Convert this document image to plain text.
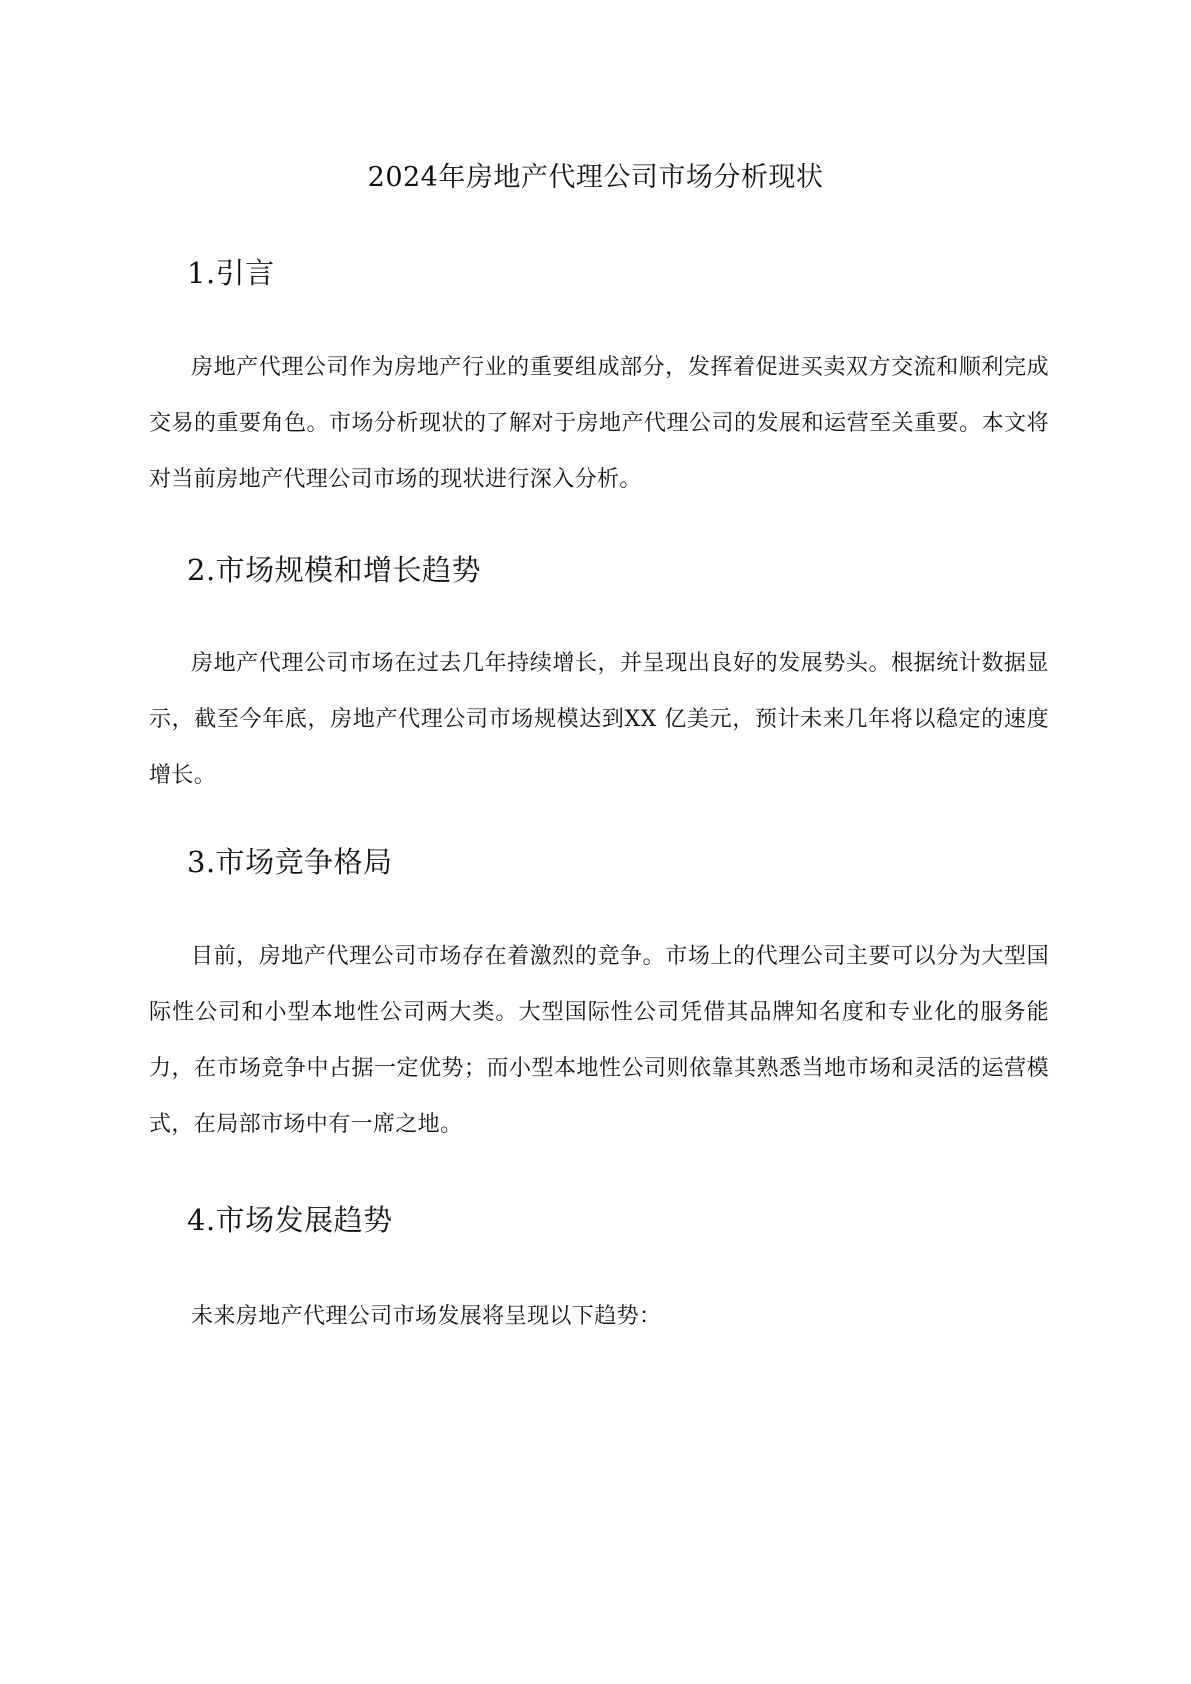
2024年房地产代理公司市场分析现状
1.引言

房地产代理公司作为房地产行业的重要组成部分，发挥着促进买卖双方交流和顺利完成交易的重要角色。市场分析现状的了解对于房地产代理公司的发展和运营至关重要。本文将对当前房地产代理公司市场的现状进行深入分析。

2.市场规模和增长趋势

房地产代理公司市场在过去几年持续增长，并呈现出良好的发展势头。根据统计数据显示，截至今年底，房地产代理公司市场规模达到XX 亿美元，预计未来几年将以稳定的速度增长。

3.市场竞争格局

目前，房地产代理公司市场存在着激烈的竞争。市场上的代理公司主要可以分为大型国际性公司和小型本地性公司两大类。大型国际性公司凭借其品牌知名度和专业化的服务能力，在市场竞争中占据一定优势；而小型本地性公司则依靠其熟悉当地市场和灵活的运营模式，在局部市场中有一席之地。

4.市场发展趋势

未来房地产代理公司市场发展将呈现以下趋势：
